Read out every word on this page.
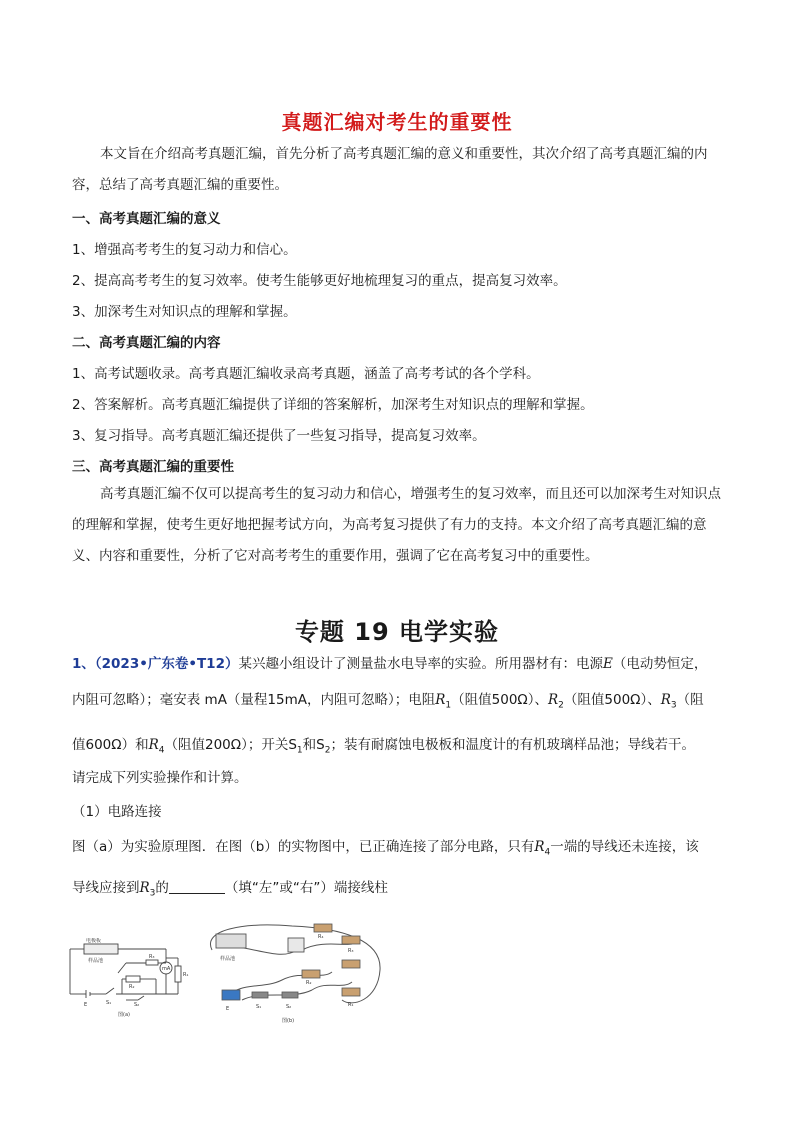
真题汇编对考生的重要性

本文旨在介绍高考真题汇编，首先分析了高考真题汇编的意义和重要性，其次介绍了高考真题汇编的内容，总结了高考真题汇编的重要性。

一、高考真题汇编的意义
1、增强高考考生的复习动力和信心。
2、提高高考考生的复习效率。使考生能够更好地梳理复习的重点，提高复习效率。
3、加深考生对知识点的理解和掌握。
二、高考真题汇编的内容
1、高考试题收录。高考真题汇编收录高考真题，涵盖了高考考试的各个学科。
2、答案解析。高考真题汇编提供了详细的答案解析，加深考生对知识点的理解和掌握。
3、复习指导。高考真题汇编还提供了一些复习指导，提高复习效率。
三、高考真题汇编的重要性

高考真题汇编不仅可以提高考生的复习动力和信心，增强考生的复习效率，而且还可以加深考生对知识点的理解和掌握，使考生更好地把握考试方向，为高考复习提供了有力的支持。本文介绍了高考真题汇编的意义、内容和重要性，分析了它对高考考生的重要作用，强调了它在高考复习中的重要性。

专题 19 电学实验
1、（2023•广东卷•T12）某兴趣小组设计了测量盐水电导率的实验。所用器材有：电源E（电动势恒定，
内阻可忽略）；毫安表 mA（量程15mA，内阻可忽略）；电阻$R_1$（阻值500Ω）、$R_2$（阻值500Ω）、$R_3$（阻
值600Ω）和$R_4$（阻值200Ω）；开关$S_1$和$S_2$；装有耐腐蚀电极板和温度计的有机玻璃样品池；导线若干。
请完成下列实验操作和计算。
（1）电路连接
图（a）为实验原理图．在图（b）的实物图中，已正确连接了部分电路，只有$R_4$一端的导线还未连接，该
导线应接到$R_3$的	（填“左”或“右”）端接线柱
电极板
样品池
mA
R₁
R₃
R₂
E	S₁	S₂
图(a)
样品池
R₄
R₃
R₂
R₁
E	S₁	S₂
图(b)
